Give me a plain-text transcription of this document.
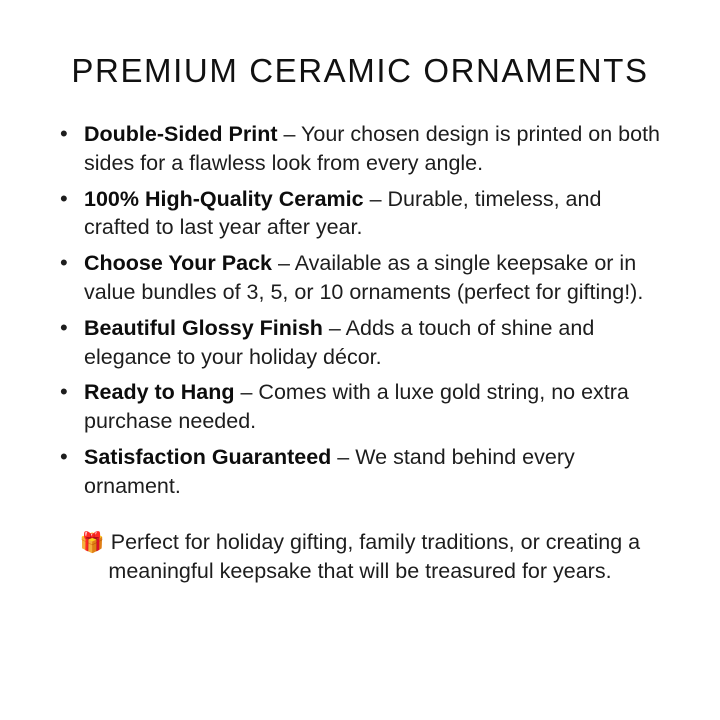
PREMIUM CERAMIC ORNAMENTS
• Double-Sided Print – Your chosen design is printed on both sides for a flawless look from every angle.
• 100% High-Quality Ceramic – Durable, timeless, and crafted to last year after year.
• Choose Your Pack – Available as a single keepsake or in value bundles of 3, 5, or 10 ornaments (perfect for gifting!).
• Beautiful Glossy Finish – Adds a touch of shine and elegance to your holiday décor.
• Ready to Hang – Comes with a luxe gold string, no extra purchase needed.
• Satisfaction Guaranteed – We stand behind every ornament.

🎁 Perfect for holiday gifting, family traditions, or creating a meaningful keepsake that will be treasured for years.
